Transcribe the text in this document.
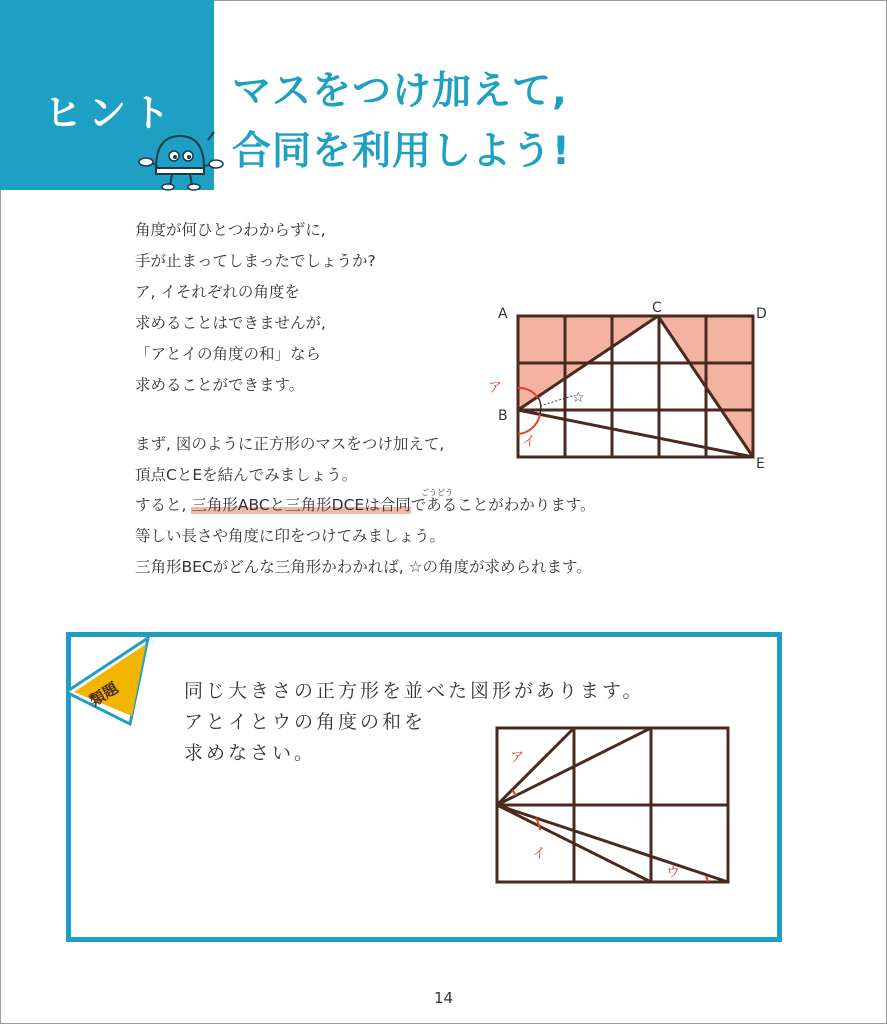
ヒント マスをつけ加えて,
合同を利用しよう!
角度が何ひとつわからずに,
手が止まってしまったでしょうか?
ア, イそれぞれの角度を
求めることはできませんが,
「アとイの角度の和」なら
求めることができます。
まず, 図のように正方形のマスをつけ加えて,
頂点CとEを結んでみましょう。
すると, 三角形ABCと三角形DCEは合同であることがわかります。
ごうどう
等しい長さや角度に印をつけてみましょう。
三角形BECがどんな三角形かわかれば, ☆の角度が求められます。
A
B
C	D
E
ア
イ
☆
類題	同じ大きさの正方形を並べた図形があります。
アとイとウの角度の和を
求めなさい。	ア
イ
ウ
14
